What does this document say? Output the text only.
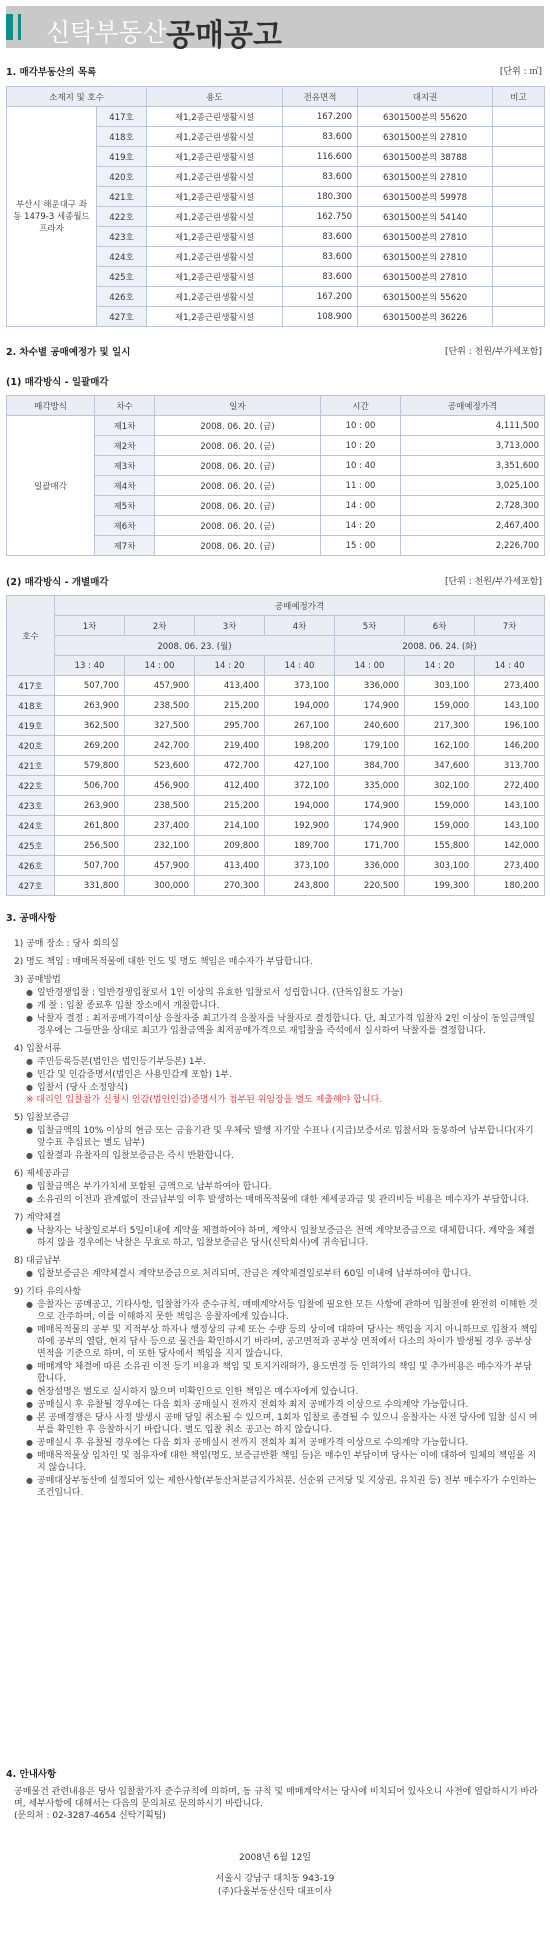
신탁부동산 공매공고
1. 매각부동산의 목록	[단위 : ㎡]
소재지 및 호수		용도	전유면적	대지권	비고
부산시 해운대구 좌동 1479-3 세종월드프라자	417호	제1,2종근린생활시설	167.200	6301500분의 55620	
	418호	제1,2종근린생활시설	83.600	6301500분의 27810	
	419호	제1,2종근린생활시설	116.600	6301500분의 38788	
	420호	제1,2종근린생활시설	83.600	6301500분의 27810	
	421호	제1,2종근린생활시설	180.300	6301500분의 59978	
	422호	제1,2종근린생활시설	162.750	6301500분의 54140	
	423호	제1,2종근린생활시설	83.600	6301500분의 27810	
	424호	제1,2종근린생활시설	83.600	6301500분의 27810	
	425호	제1,2종근린생활시설	83.600	6301500분의 27810	
	426호	제1,2종근린생활시설	167.200	6301500분의 55620	
	427호	제1,2종근린생활시설	108.900	6301500분의 36226	
2. 차수별 공매예정가 및 일시	[단위 : 천원/부가세포함]
(1) 매각방식 - 일괄매각
매각방식	차수	일자	시간	공매예정가격
일괄매각	제1차	2008. 06. 20. (금)	10 : 00	4,111,500
	제2차	2008. 06. 20. (금)	10 : 20	3,713,000
	제3차	2008. 06. 20. (금)	10 : 40	3,351,600
	제4차	2008. 06. 20. (금)	11 : 00	3,025,100
	제5차	2008. 06. 20. (금)	14 : 00	2,728,300
	제6차	2008. 06. 20. (금)	14 : 20	2,467,400
	제7차	2008. 06. 20. (금)	15 : 00	2,226,700
(2) 매각방식 - 개별매각	[단위 : 천원/부가세포함]
호수	공매예정가격						
	1차	2차	3차	4차	5차	6차	7차
	2008. 06. 23. (월)				2008. 06. 24. (화)		
	13 : 40	14 : 00	14 : 20	14 : 40	14 : 00	14 : 20	14 : 40
417호	507,700	457,900	413,400	373,100	336,000	303,100	273,400
418호	263,900	238,500	215,200	194,000	174,900	159,000	143,100
419호	362,500	327,500	295,700	267,100	240,600	217,300	196,100
420호	269,200	242,700	219,400	198,200	179,100	162,100	146,200
421호	579,800	523,600	472,700	427,100	384,700	347,600	313,700
422호	506,700	456,900	412,400	372,100	335,000	302,100	272,400
423호	263,900	238,500	215,200	194,000	174,900	159,000	143,100
424호	261,800	237,400	214,100	192,900	174,900	159,000	143,100
425호	256,500	232,100	209,800	189,700	171,700	155,800	142,000
426호	507,700	457,900	413,400	373,100	336,000	303,100	273,400
427호	331,800	300,000	270,300	243,800	220,500	199,300	180,200
3. 공매사항
1) 공매 장소 : 당사 회의실
2) 명도 책임 : 매매목적물에 대한 인도 및 명도 책임은 매수자가 부담합니다.
3) 공매방법
● 일반경쟁입찰 : 일반경쟁입찰로서 1인 이상의 유효한 입찰로서 성립합니다. (단독입찰도 가능)
● 개 찰 : 입찰 종료후 입찰 장소에서 개찰합니다.
● 낙찰자 결정 : 최저공매가격이상 응찰자중 최고가격 응찰자를 낙찰자로 결정합니다. 단, 최고가격 입찰자 2인 이상이 동일금액일 경우에는 그들만을 상대로 최고가 입찰금액을 최저공매가격으로 재입찰을 즉석에서 실시하여 낙찰자를 결정합니다.
4) 입찰서류
● 주민등록등본(법인은 법인등기부등본) 1부.
● 인감 및 인감증명서(법인은 사용인감계 포함) 1부.
● 입찰서 (당사 소정양식)
※ 대리인 입찰참가 신청시 인감(법인인감)증명서가 첨부된 위임장을 별도 제출해야 합니다.
5) 입찰보증금
● 입찰금액의 10% 이상의 현금 또는 금융기관 및 우체국 발행 자기앞 수표나 (지급)보증서로 입찰서와 동봉하여 납부합니다(자기앞수표 추심료는 별도 납부)
● 입찰결과 유찰자의 입찰보증금은 즉시 반환합니다.
6) 제세공과금
● 입찰금액은 부가가치세 포함된 금액으로 납부하여야 합니다.
● 소유권의 이전과 관계없이 잔금납부일 이후 발생하는 매매목적물에 대한 제세공과금 및 관리비등 비용은 매수자가 부담합니다.
7) 계약체결
● 낙찰자는 낙찰일로부터 5일이내에 계약을 체결하여야 하며, 계약시 입찰보증금은 전액 계약보증금으로 대체합니다. 계약을 체결하지 않을 경우에는 낙찰은 무효로 하고, 입찰보증금은 당사(신탁회사)에 귀속됩니다.
8) 대금납부
● 입찰보증금은 계약체결시 계약보증금으로 처리되며, 잔금은 계약체결일로부터 60일 이내에 납부하여야 합니다.
9) 기타 유의사항
● 응찰자는 공매공고, 기타사항, 입찰참가자 준수규칙, 매매계약서등 입찰에 필요한 모든 사항에 관하여 입찰전에 완전히 이해한 것으로 간주하며, 이를 이해하지 못한 책임은 응찰자에게 있습니다.
● 매매목적물의 공부 및 지적부상 하자나 행정상의 규제 또는 수량 등의 상이에 대하여 당사는 책임을 지지 아니하므로 입찰자 책임하에 공부의 열람, 현지 답사 등으로 물건을 확인하시기 바라며, 공고면적과 공부상 면적에서 다소의 차이가 발생될 경우 공부상 면적을 기준으로 하며, 이 또한 당사에서 책임을 지지 않습니다.
● 매매계약 체결에 따른 소유권 이전 등기 비용과 책임 및 토지거래허가, 용도변경 등 인허가의 책임 및 추가비용은 매수자가 부담합니다.
● 현장설명은 별도로 실시하지 않으며 미확인으로 인한 책임은 매수자에게 있습니다.
● 공매실시 후 유찰될 경우에는 다음 회차 공매실시 전까지 전회차 최저 공매가격 이상으로 수의계약 가능합니다.
● 본 공매경쟁은 당사 사정 발생시 공매 당일 취소될 수 있으며, 1회차 입찰로 종결될 수 있으니 응찰자는 사전 당사에 입찰 실시 여부를 확인한 후 응찰하시기 바랍니다. 별도 입찰 취소 공고는 하지 않습니다.
● 공매실시 후 유찰될 경우에는 다음 회차 공매실시 전까지 전회차 최저 공매가격 이상으로 수의계약 가능합니다.
● 매매목적물상 임차인 및 점유자에 대한 책임(명도, 보증금반환 책임 등)은 매수인 부담이며 당사는 이에 대하여 일체의 책임을 지지 않습니다.
● 공매대상부동산에 설정되어 있는 제한사항(부동산처분금지가처분, 선순위 근저당 및 지상권, 유치권 등) 전부 매수자가 수인하는 조건입니다.
4. 안내사항
공매물건 관련내용은 당사 입찰참가자 준수규칙에 의하며, 동 규칙 및 매매계약서는 당사에 비치되어 있사오니 사전에 열람하시기 바라며, 세부사항에 대해서는 다음의 문의처로 문의하시기 바랍니다.
(문의처 : 02-3287-4654 신탁기획팀)
2008년 6월 12일
서울시 강남구 대치동 943-19
(주)다올부동산신탁 대표이사
